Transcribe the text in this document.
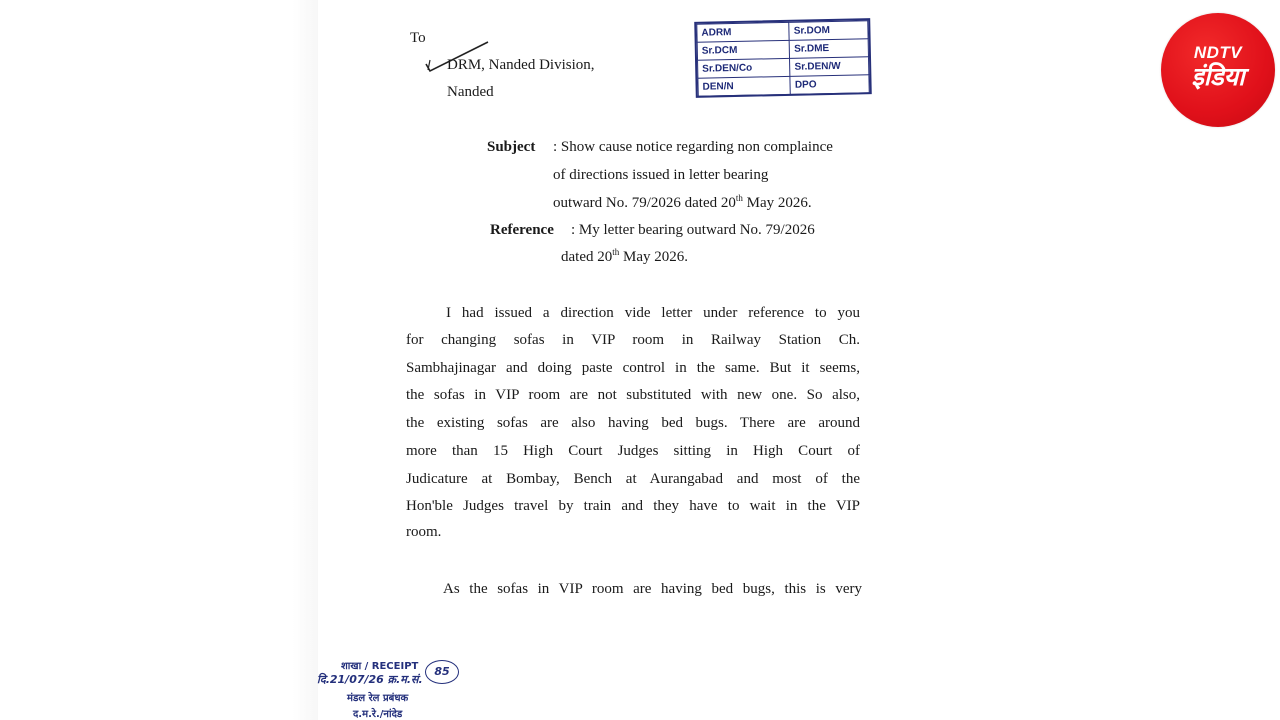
To
DRM, Nanded Division,
Nanded
ADRM	Sr.DOM
Sr.DCM	Sr.DME
Sr.DEN/Co	Sr.DEN/W
DEN/N	DPO
Subject : Show cause notice regarding non complaince
of directions issued in letter bearing
outward No. 79/2026 dated 20th May 2026.
Reference : My letter bearing outward No. 79/2026
dated 20th May 2026.
I had issued a direction vide letter under reference to you
for changing sofas in VIP room in Railway Station Ch.
Sambhajinagar and doing paste control in the same. But it seems,
the sofas in VIP room are not substituted with new one. So also,
the existing sofas are also having bed bugs. There are around
more than 15 High Court Judges sitting in High Court of
Judicature at Bombay, Bench at Aurangabad and most of the
Hon'ble Judges travel by train and they have to wait in the VIP
room.
As the sofas in VIP room are having bed bugs, this is very
शाखा / RECEIPT
दि.21/07/26 क्र.म.सं.
85
मंडल रेल प्रबंधक
द.म.रे./नांदेड
NDTV
इंडिया
